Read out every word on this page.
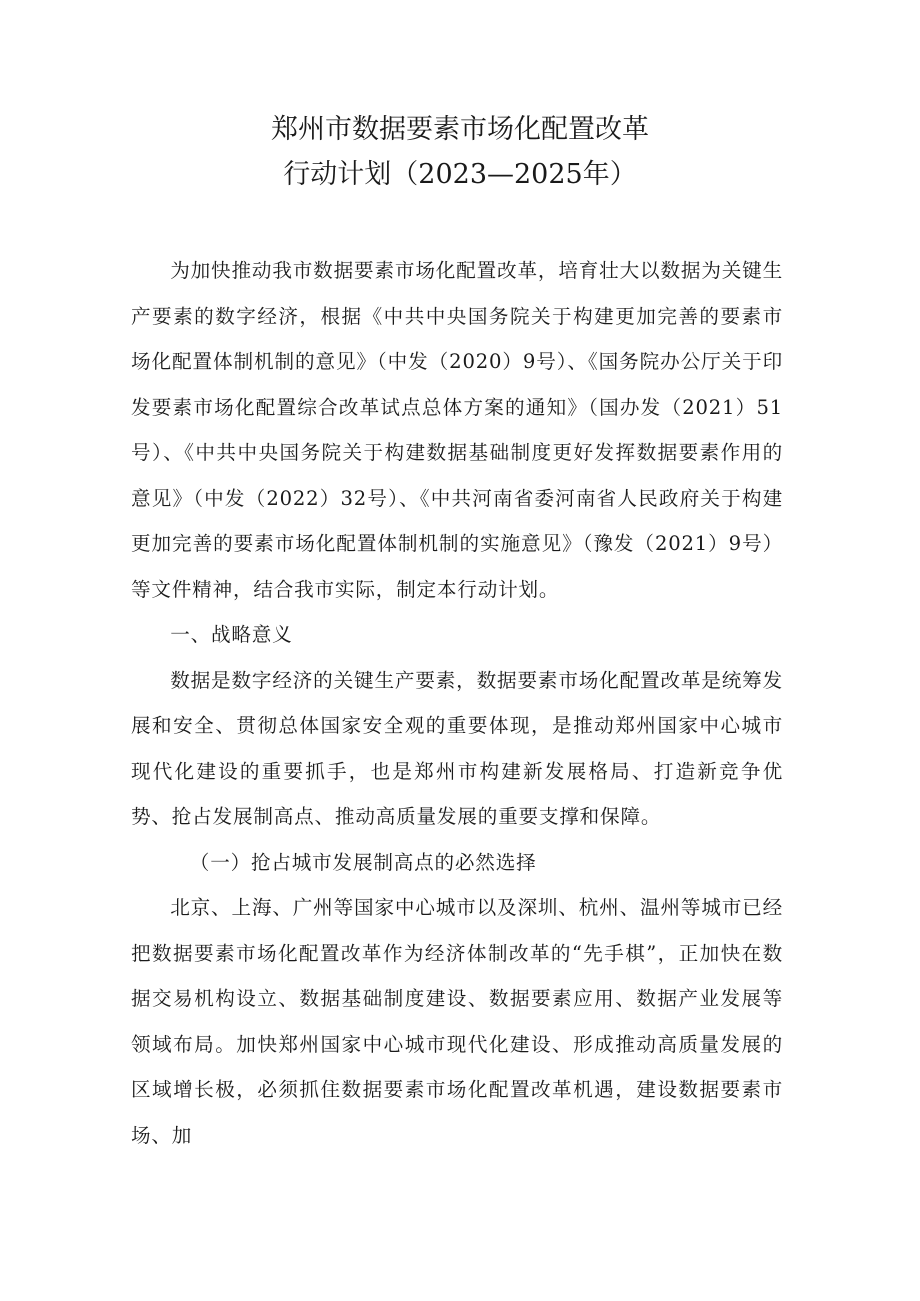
郑州市数据要素市场化配置改革
行动计划（2023—2025年）

为加快推动我市数据要素市场化配置改革，培育壮大以数据为关键生产要素的数字经济，根据《中共中央国务院关于构建更加完善的要素市场化配置体制机制的意见》（中发（2020）9号）、《国务院办公厅关于印发要素市场化配置综合改革试点总体方案的通知》（国办发（2021）51号）、《中共中央国务院关于构建数据基础制度更好发挥数据要素作用的意见》（中发（2022）32号）、《中共河南省委河南省人民政府关于构建更加完善的要素市场化配置体制机制的实施意见》（豫发（2021）9号）等文件精神，结合我市实际，制定本行动计划。

一、战略意义

数据是数字经济的关键生产要素，数据要素市场化配置改革是统筹发展和安全、贯彻总体国家安全观的重要体现，是推动郑州国家中心城市现代化建设的重要抓手，也是郑州市构建新发展格局、打造新竞争优势、抢占发展制高点、推动高质量发展的重要支撑和保障。

（一）抢占城市发展制高点的必然选择

北京、上海、广州等国家中心城市以及深圳、杭州、温州等城市已经把数据要素市场化配置改革作为经济体制改革的“先手棋”，正加快在数据交易机构设立、数据基础制度建设、数据要素应用、数据产业发展等领域布局。加快郑州国家中心城市现代化建设、形成推动高质量发展的区域增长极，必须抓住数据要素市场化配置改革机遇，建设数据要素市场、加
